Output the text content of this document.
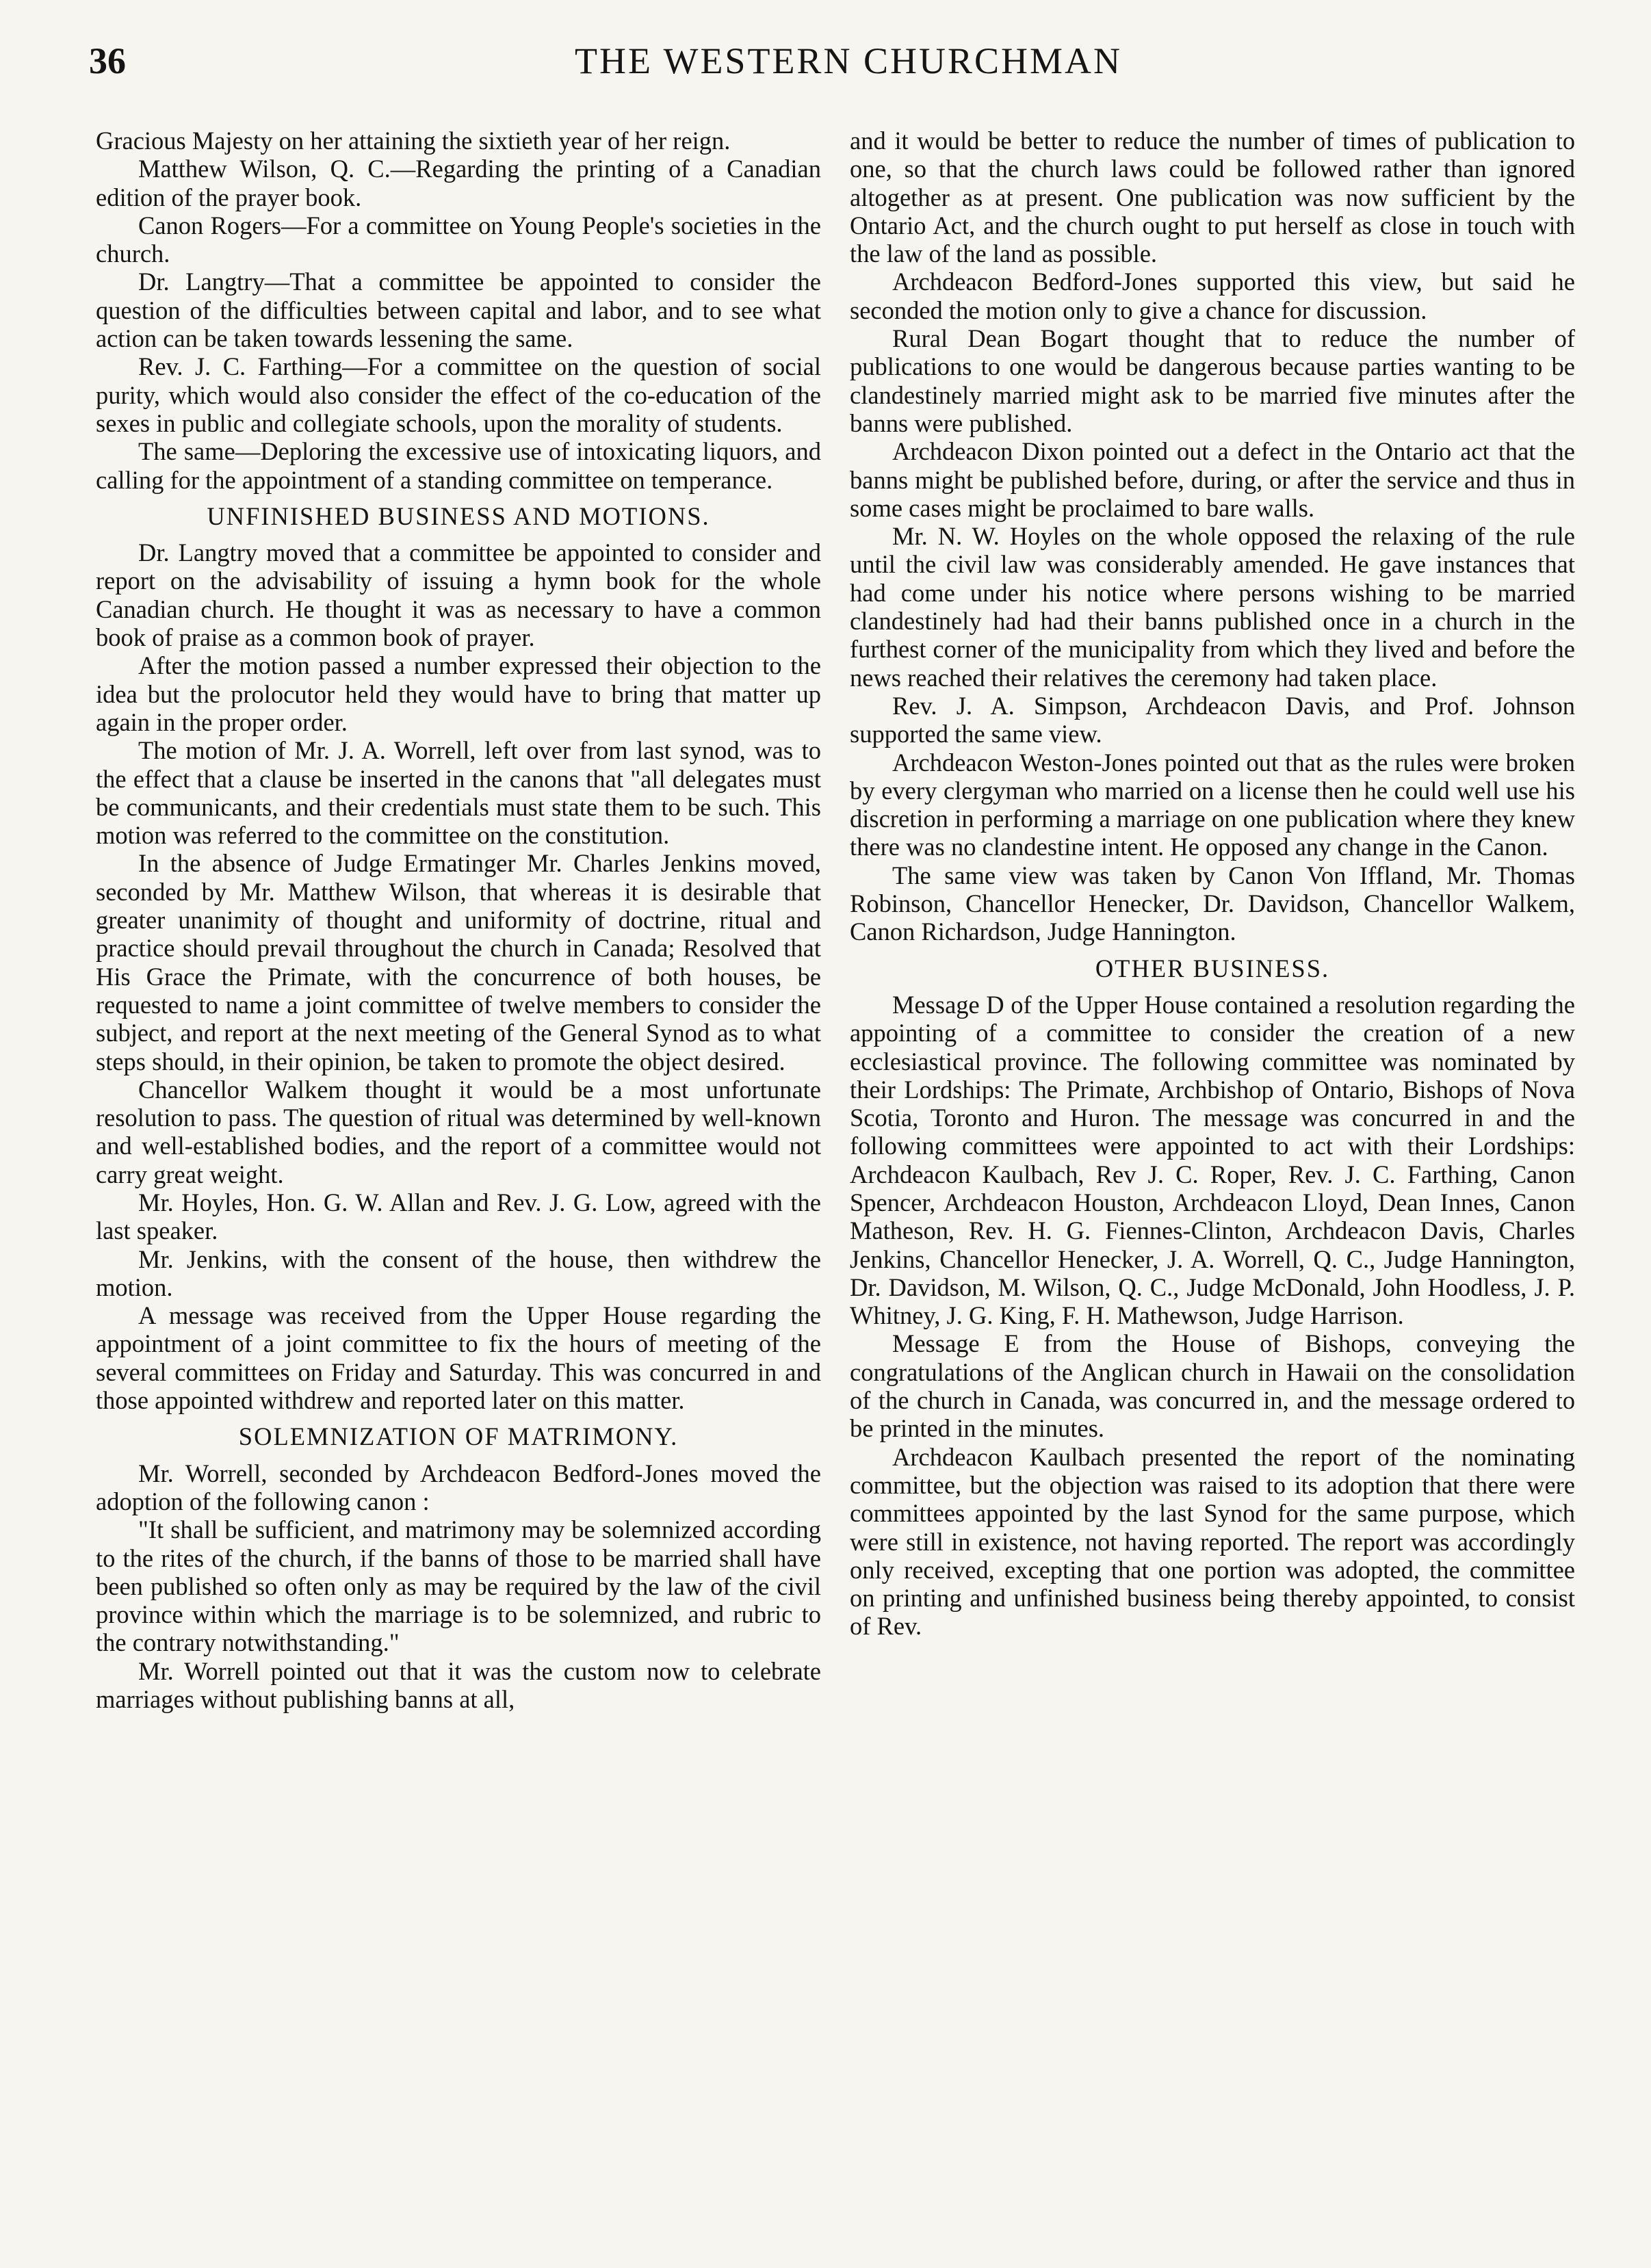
36	THE WESTERN CHURCHMAN

Gracious Majesty on her attaining the sixtieth year of her reign.

Matthew Wilson, Q. C.—Regarding the printing of a Canadian edition of the prayer book.

Canon Rogers—For a committee on Young People's societies in the church.

Dr. Langtry—That a committee be appointed to consider the question of the difficulties between capital and labor, and to see what action can be taken towards lessening the same.

Rev. J. C. Farthing—For a committee on the question of social purity, which would also consider the effect of the co-education of the sexes in public and collegiate schools, upon the morality of students.

The same—Deploring the excessive use of intoxicating liquors, and calling for the appointment of a standing committee on temperance.

UNFINISHED BUSINESS AND MOTIONS.

Dr. Langtry moved that a committee be appointed to consider and report on the advisability of issuing a hymn book for the whole Canadian church. He thought it was as necessary to have a common book of praise as a common book of prayer.

After the motion passed a number expressed their objection to the idea but the prolocutor held they would have to bring that matter up again in the proper order.

The motion of Mr. J. A. Worrell, left over from last synod, was to the effect that a clause be inserted in the canons that "all delegates must be communicants, and their credentials must state them to be such. This motion was referred to the committee on the constitution.

In the absence of Judge Ermatinger Mr. Charles Jenkins moved, seconded by Mr. Matthew Wilson, that whereas it is desirable that greater unanimity of thought and uniformity of doctrine, ritual and practice should prevail throughout the church in Canada; Resolved that His Grace the Primate, with the concurrence of both houses, be requested to name a joint committee of twelve members to consider the subject, and report at the next meeting of the General Synod as to what steps should, in their opinion, be taken to promote the object desired.

Chancellor Walkem thought it would be a most unfortunate resolution to pass. The question of ritual was determined by well-known and well-established bodies, and the report of a committee would not carry great weight.

Mr. Hoyles, Hon. G. W. Allan and Rev. J. G. Low, agreed with the last speaker.

Mr. Jenkins, with the consent of the house, then withdrew the motion.

A message was received from the Upper House regarding the appointment of a joint committee to fix the hours of meeting of the several committees on Friday and Saturday. This was concurred in and those appointed withdrew and reported later on this matter.

SOLEMNIZATION OF MATRIMONY.

Mr. Worrell, seconded by Archdeacon Bedford-Jones moved the adoption of the following canon :

"It shall be sufficient, and matrimony may be solemnized according to the rites of the church, if the banns of those to be married shall have been published so often only as may be required by the law of the civil province within which the marriage is to be solemnized, and rubric to the contrary notwithstanding."

Mr. Worrell pointed out that it was the custom now to celebrate marriages without publishing banns at all,

and it would be better to reduce the number of times of publication to one, so that the church laws could be followed rather than ignored altogether as at present. One publication was now sufficient by the Ontario Act, and the church ought to put herself as close in touch with the law of the land as possible.

Archdeacon Bedford-Jones supported this view, but said he seconded the motion only to give a chance for discussion.

Rural Dean Bogart thought that to reduce the number of publications to one would be dangerous because parties wanting to be clandestinely married might ask to be married five minutes after the banns were published.

Archdeacon Dixon pointed out a defect in the Ontario act that the banns might be published before, during, or after the service and thus in some cases might be proclaimed to bare walls.

Mr. N. W. Hoyles on the whole opposed the relaxing of the rule until the civil law was considerably amended. He gave instances that had come under his notice where persons wishing to be married clandestinely had had their banns published once in a church in the furthest corner of the municipality from which they lived and before the news reached their relatives the ceremony had taken place.

Rev. J. A. Simpson, Archdeacon Davis, and Prof. Johnson supported the same view.

Archdeacon Weston-Jones pointed out that as the rules were broken by every clergyman who married on a license then he could well use his discretion in performing a marriage on one publication where they knew there was no clandestine intent. He opposed any change in the Canon.

The same view was taken by Canon Von Iffland, Mr. Thomas Robinson, Chancellor Henecker, Dr. Davidson, Chancellor Walkem, Canon Richardson, Judge Hannington.

OTHER BUSINESS.

Message D of the Upper House contained a resolution regarding the appointing of a committee to consider the creation of a new ecclesiastical province. The following committee was nominated by their Lordships: The Primate, Archbishop of Ontario, Bishops of Nova Scotia, Toronto and Huron. The message was concurred in and the following committees were appointed to act with their Lordships: Archdeacon Kaulbach, Rev J. C. Roper, Rev. J. C. Farthing, Canon Spencer, Archdeacon Houston, Archdeacon Lloyd, Dean Innes, Canon Matheson, Rev. H. G. Fiennes-Clinton, Archdeacon Davis, Charles Jenkins, Chancellor Henecker, J. A. Worrell, Q. C., Judge Hannington, Dr. Davidson, M. Wilson, Q. C., Judge McDonald, John Hoodless, J. P. Whitney, J. G. King, F. H. Mathewson, Judge Harrison.

Message E from the House of Bishops, conveying the congratulations of the Anglican church in Hawaii on the consolidation of the church in Canada, was concurred in, and the message ordered to be printed in the minutes.

Archdeacon Kaulbach presented the report of the nominating committee, but the objection was raised to its adoption that there were committees appointed by the last Synod for the same purpose, which were still in existence, not having reported. The report was accordingly only received, excepting that one portion was adopted, the committee on printing and unfinished business being thereby appointed, to consist of Rev.
